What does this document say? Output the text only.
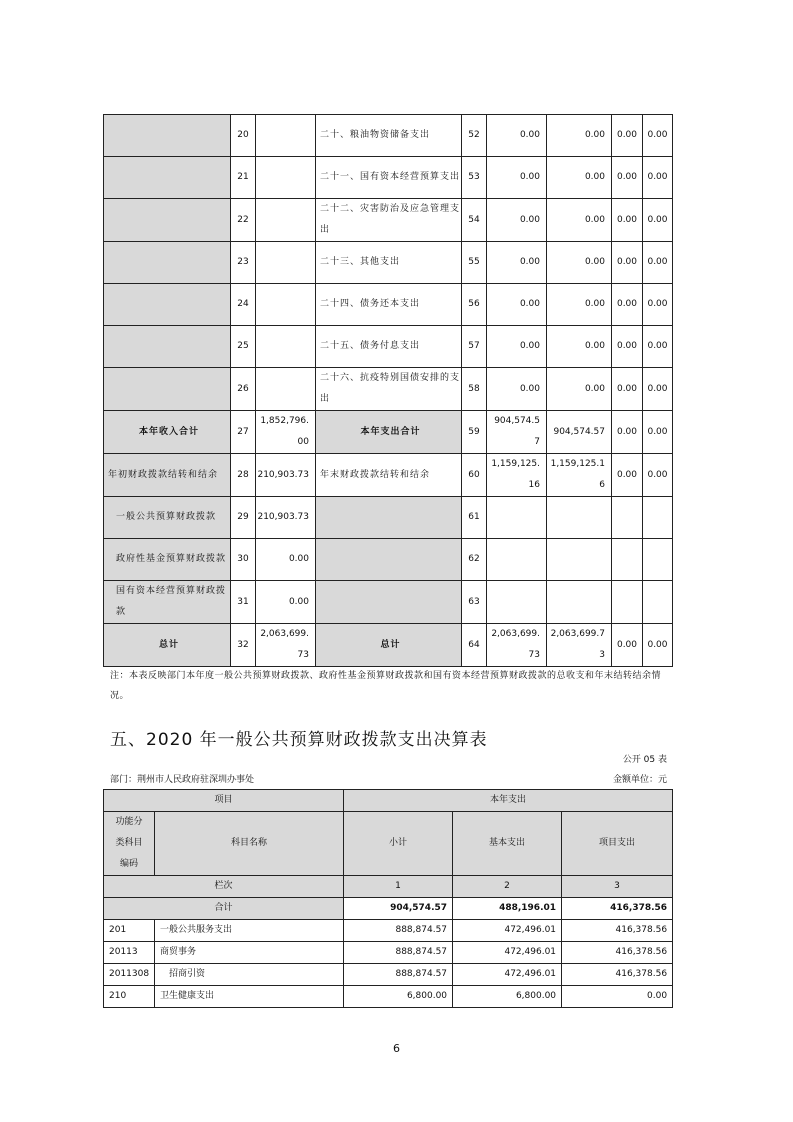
	20		二十、粮油物资储备支出	52	0.00	0.00	0.00	0.00
	21		二十一、国有资本经营预算支出	53	0.00	0.00	0.00	0.00
	22		二十二、灾害防治及应急管理支出	54	0.00	0.00	0.00	0.00
	23		二十三、其他支出	55	0.00	0.00	0.00	0.00
	24		二十四、债务还本支出	56	0.00	0.00	0.00	0.00
	25		二十五、债务付息支出	57	0.00	0.00	0.00	0.00
	26		二十六、抗疫特别国债安排的支出	58	0.00	0.00	0.00	0.00
本年收入合计	27	1,852,796.00	本年支出合计	59	904,574.57	904,574.57	0.00	0.00
年初财政拨款结转和结余	28	210,903.73	年末财政拨款结转和结余	60	1,159,125.16	1,159,125.16	0.00	0.00
一般公共预算财政拨款	29	210,903.73		61				
政府性基金预算财政拨款	30	0.00		62				
国有资本经营预算财政拨款	31	0.00		63				
总计	32	2,063,699.73	总计	64	2,063,699.73	2,063,699.73	0.00	0.00
注：本表反映部门本年度一般公共预算财政拨款、政府性基金预算财政拨款和国有资本经营预算财政拨款的总收支和年末结转结余情况。
五、2020 年一般公共预算财政拨款支出决算表
公开 05 表
部门：荆州市人民政府驻深圳办事处	金额单位：元
项目		本年支出		
功能分类科目编码	科目名称	小计	基本支出	项目支出
栏次		1	2	3
合计		904,574.57	488,196.01	416,378.56
201	一般公共服务支出	888,874.57	472,496.01	416,378.56
20113	商贸事务	888,874.57	472,496.01	416,378.56
2011308	招商引资	888,874.57	472,496.01	416,378.56
210	卫生健康支出	6,800.00	6,800.00	0.00
6
